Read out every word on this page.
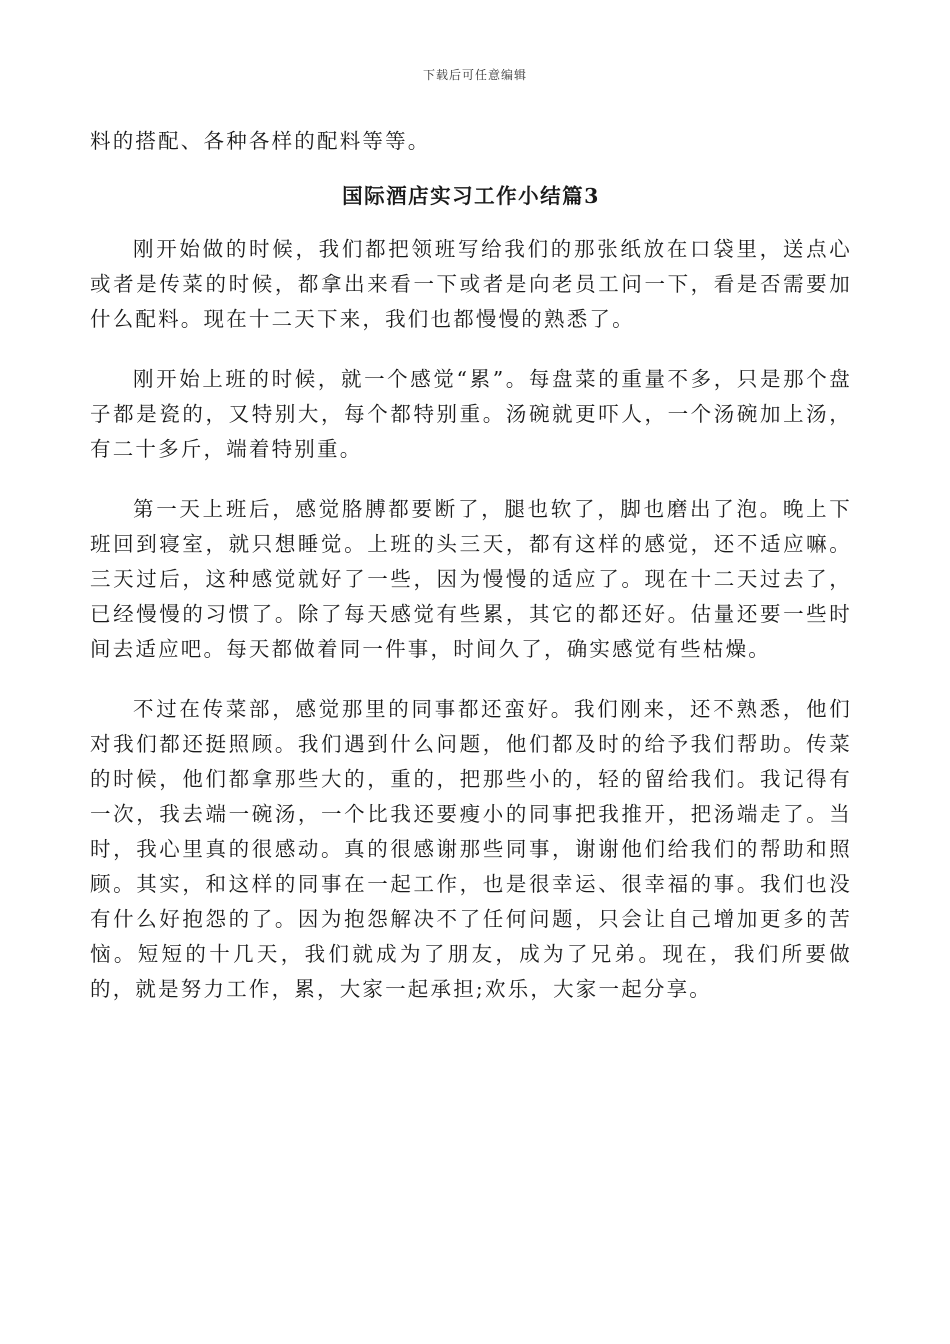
下载后可任意编辑

料的搭配、各种各样的配料等等。

国际酒店实习工作小结篇3

刚开始做的时候，我们都把领班写给我们的那张纸放在口袋里，送点心或者是传菜的时候，都拿出来看一下或者是向老员工问一下，看是否需要加什么配料。现在十二天下来，我们也都慢慢的熟悉了。

刚开始上班的时候，就一个感觉“累”。每盘菜的重量不多，只是那个盘子都是瓷的，又特别大，每个都特别重。汤碗就更吓人，一个汤碗加上汤，有二十多斤，端着特别重。

第一天上班后，感觉胳膊都要断了，腿也软了，脚也磨出了泡。晚上下班回到寝室，就只想睡觉。上班的头三天，都有这样的感觉，还不适应嘛。三天过后，这种感觉就好了一些，因为慢慢的适应了。现在十二天过去了，已经慢慢的习惯了。除了每天感觉有些累，其它的都还好。估量还要一些时间去适应吧。每天都做着同一件事，时间久了，确实感觉有些枯燥。

不过在传菜部，感觉那里的同事都还蛮好。我们刚来，还不熟悉，他们对我们都还挺照顾。我们遇到什么问题，他们都及时的给予我们帮助。传菜的时候，他们都拿那些大的，重的，把那些小的，轻的留给我们。我记得有一次，我去端一碗汤，一个比我还要瘦小的同事把我推开，把汤端走了。当时，我心里真的很感动。真的很感谢那些同事，谢谢他们给我们的帮助和照顾。其实，和这样的同事在一起工作，也是很幸运、很幸福的事。我们也没有什么好抱怨的了。因为抱怨解决不了任何问题，只会让自己增加更多的苦恼。短短的十几天，我们就成为了朋友，成为了兄弟。现在，我们所要做的，就是努力工作，累，大家一起承担;欢乐，大家一起分享。
